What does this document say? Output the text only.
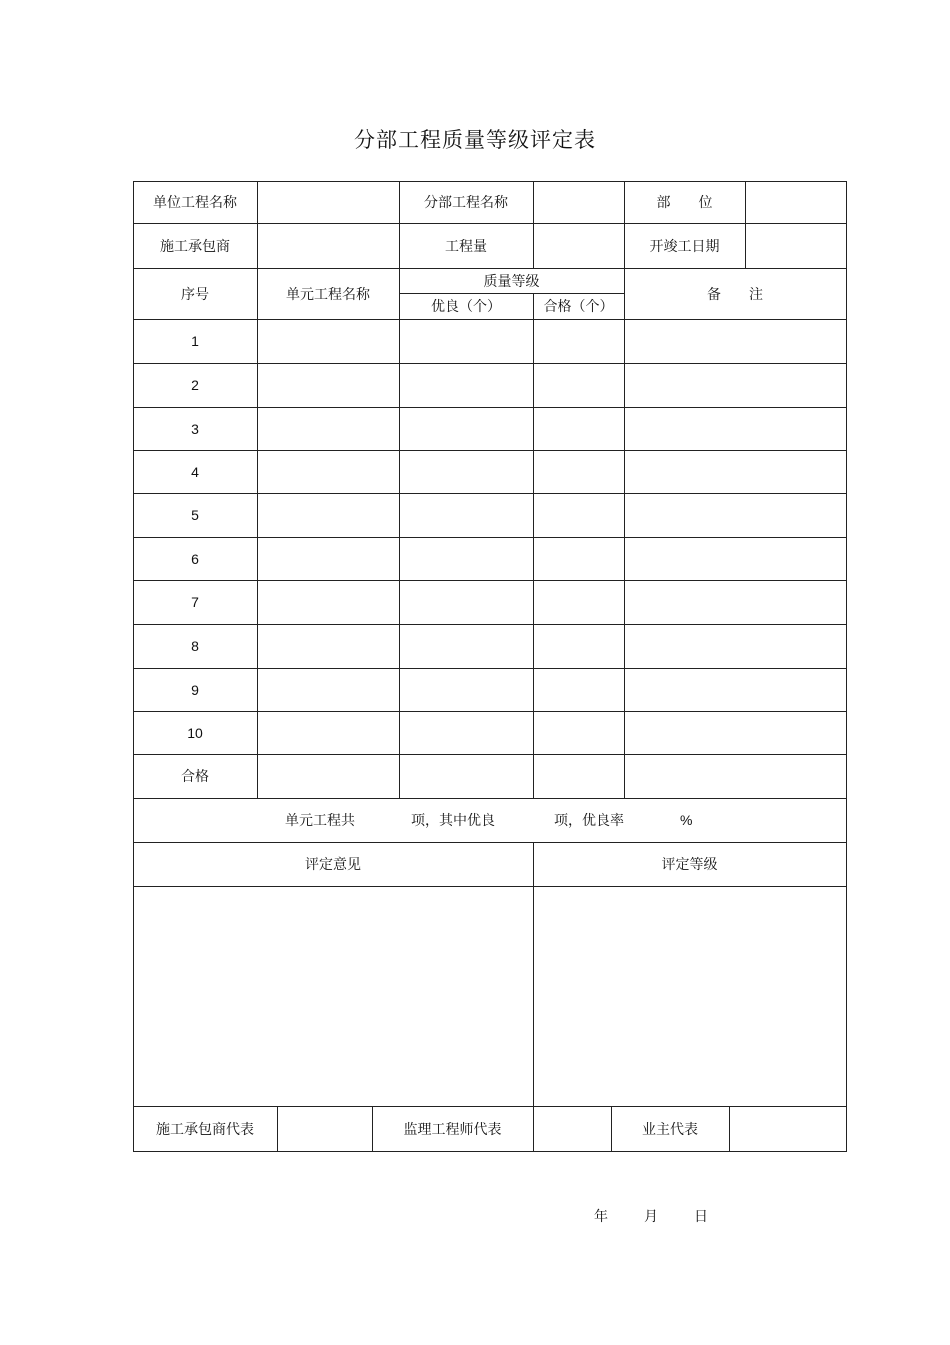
分部工程质量等级评定表
单位工程名称	分部工程名称	部　　位
施工承包商	工程量	开竣工日期
序号	单元工程名称
质量等级
优良（个）	合格（个）
备　　注
1
2
3
4
5
6
7
8
9
10
合格
单元工程共	项，其中优良	项，优良率	%
评定意见	评定等级
施工承包商代表	监理工程师代表	业主代表
年	月	日
